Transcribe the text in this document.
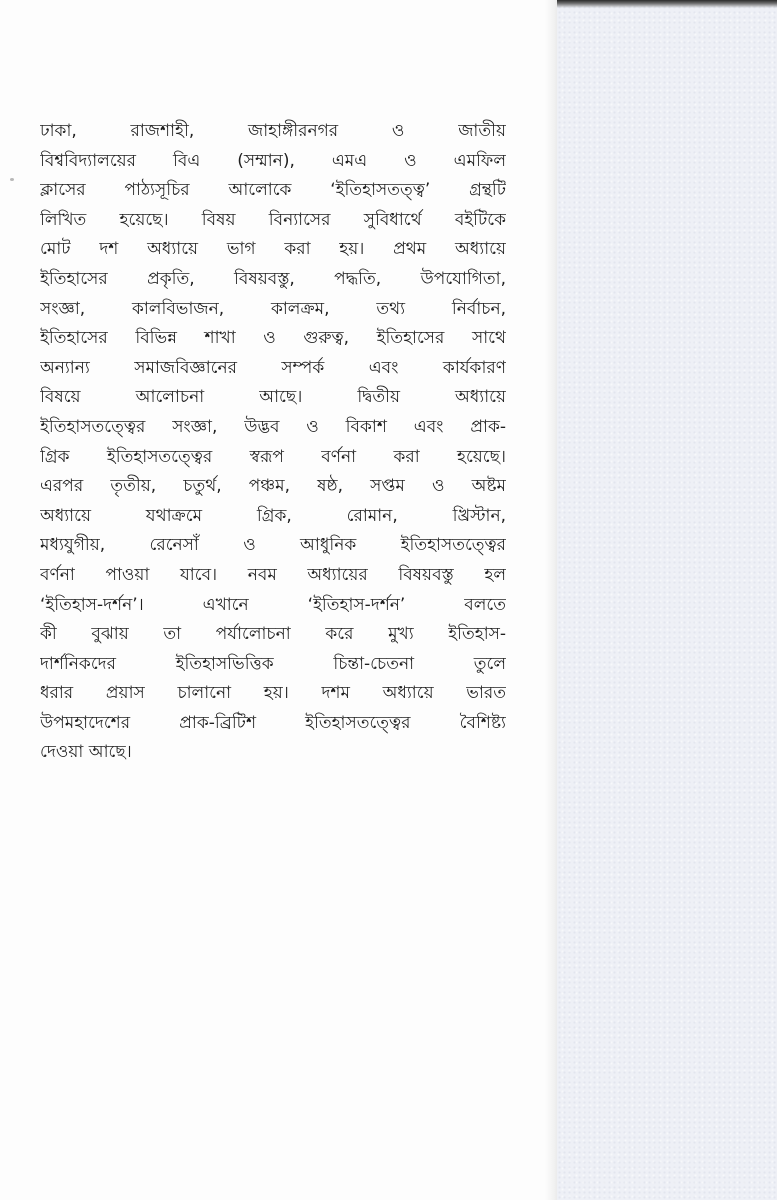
ঢাকা, রাজশাহী, জাহাঙ্গীরনগর ও জাতীয়
বিশ্ববিদ্যালয়ের বিএ (সম্মান), এমএ ও এমফিল
ক্লাসের পাঠ্যসূচির আলোকে ‘ইতিহাসতত্ত্ব’ গ্রন্থটি
লিখিত হয়েছে। বিষয় বিন্যাসের সুবিধার্থে বইটিকে
মোট দশ অধ্যায়ে ভাগ করা হয়। প্রথম অধ্যায়ে
ইতিহাসের প্রকৃতি, বিষয়বস্তু, পদ্ধতি, উপযোগিতা,
সংজ্ঞা, কালবিভাজন, কালক্রম, তথ্য নির্বাচন,
ইতিহাসের বিভিন্ন শাখা ও গুরুত্ব, ইতিহাসের সাথে
অন্যান্য সমাজবিজ্ঞানের সম্পর্ক এবং কার্যকারণ
বিষয়ে আলোচনা আছে। দ্বিতীয় অধ্যায়ে
ইতিহাসতত্ত্বের সংজ্ঞা, উদ্ভব ও বিকাশ এবং প্রাক-
গ্রিক ইতিহাসতত্ত্বের স্বরূপ বর্ণনা করা হয়েছে।
এরপর তৃতীয়, চতুর্থ, পঞ্চম, ষষ্ঠ, সপ্তম ও অষ্টম
অধ্যায়ে যথাক্রমে গ্রিক, রোমান, খ্রিস্টান,
মধ্যযুগীয়, রেনেসাঁ ও আধুনিক ইতিহাসতত্ত্বের
বর্ণনা পাওয়া যাবে। নবম অধ্যায়ের বিষয়বস্তু হল
‘ইতিহাস-দর্শন’। এখানে ‘ইতিহাস-দর্শন’ বলতে
কী বুঝায় তা পর্যালোচনা করে মুখ্য ইতিহাস-
দার্শনিকদের ইতিহাসভিত্তিক চিন্তা-চেতনা তুলে
ধরার প্রয়াস চালানো হয়। দশম অধ্যায়ে ভারত
উপমহাদেশের প্রাক-ব্রিটিশ ইতিহাসতত্ত্বের বৈশিষ্ট্য
দেওয়া আছে।
